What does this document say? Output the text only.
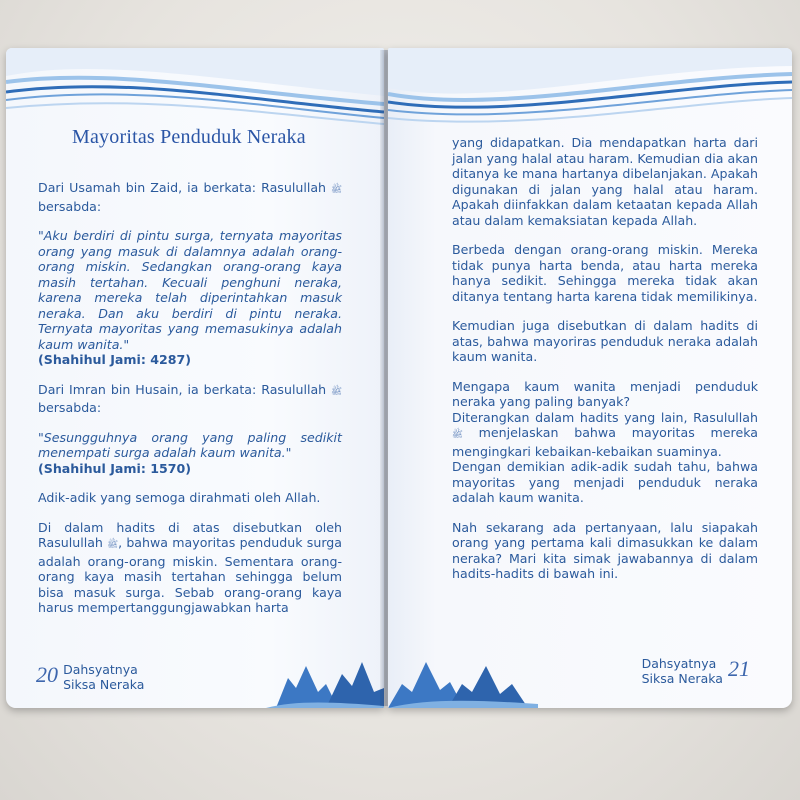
Mayoritas Penduduk Neraka

Dari Usamah bin Zaid, ia berkata: Rasulullah ﷺ bersabda:

"Aku berdiri di pintu surga, ternyata mayoritas orang yang masuk di dalamnya adalah orang-orang miskin. Sedangkan orang-orang kaya masih tertahan. Kecuali penghuni neraka, karena mereka telah diperintahkan masuk neraka. Dan aku berdiri di pintu neraka. Ternyata mayoritas yang memasukinya adalah kaum wanita."

(Shahihul Jami: 4287)

Dari Imran bin Husain, ia berkata: Rasulullah ﷺ bersabda:

"Sesungguhnya orang yang paling sedikit menempati surga adalah kaum wanita."

(Shahihul Jami: 1570)

Adik-adik yang semoga dirahmati oleh Allah.

Di dalam hadits di atas disebutkan oleh Rasulullah ﷺ, bahwa mayoritas penduduk surga adalah orang-orang miskin. Sementara orang-orang kaya masih tertahan sehingga belum bisa masuk surga. Sebab orang-orang kaya harus mempertanggungjawabkan harta

20 Dahsyatnya
Siksa Neraka

yang didapatkan. Dia mendapatkan harta dari jalan yang halal atau haram. Kemudian dia akan ditanya ke mana hartanya dibelanjakan. Apakah digunakan di jalan yang halal atau haram. Apakah diinfakkan dalam ketaatan kepada Allah atau dalam kemaksiatan kepada Allah.

Berbeda dengan orang-orang miskin. Mereka tidak punya harta benda, atau harta mereka hanya sedikit. Sehingga mereka tidak akan ditanya tentang harta karena tidak memilikinya.

Kemudian juga disebutkan di dalam hadits di atas, bahwa mayoriras penduduk neraka adalah kaum wanita.

Mengapa kaum wanita menjadi penduduk neraka yang paling banyak?

Diterangkan dalam hadits yang lain, Rasulullah ﷺ menjelaskan bahwa mayoritas mereka mengingkari kebaikan-kebaikan suaminya.

Dengan demikian adik-adik sudah tahu, bahwa mayoritas yang menjadi penduduk neraka adalah kaum wanita.

Nah sekarang ada pertanyaan, lalu siapakah orang yang pertama kali dimasukkan ke dalam neraka? Mari kita simak jawabannya di dalam hadits-hadits di bawah ini.

Dahsyatnya
Siksa Neraka 21
